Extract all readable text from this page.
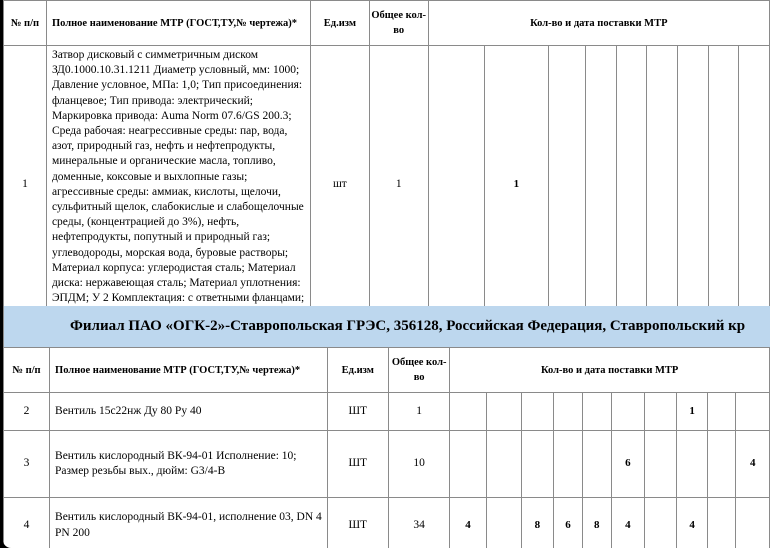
№ п/п	Полное наименование МТР (ГОСТ,ТУ,№ чертежа)*	Ед.изм	Общее кол-во	Кол-во и дата поставки МТР								
1	Затвор дисковый с симметричным диском ЗД0.1000.10.31.1211 Диаметр условный, мм: 1000; Давление условное, МПа: 1,0; Тип присоединения: фланцевое; Тип привода: электрический; Маркировка привода: Auma Norm 07.6/GS 200.3; Среда рабочая: неагрессивные среды: пар, вода, азот, природный газ, нефть и нефтепродукты, минеральные и органические масла, топливо, доменные, коксовые и выхлопные газы; агрессивные среды: аммиак, кислоты, щелочи, сульфитный щелок, слабокислые и слабощелочные среды, (концентрацией до 3%), нефть, нефтепродукты, попутный и природный газ; углеводороды, морская вода, буровые растворы; Материал корпуса: углеродистая сталь; Материал диска: нержавеющая сталь; Материал уплотнения: ЭПДМ; У 2 Комплектация: с ответными фланцами;	шт	1		1							
Филиал ПАО «ОГК-2»-Ставропольская ГРЭС, 356128, Российская Федерация, Ставропольский кр
№ п/п	Полное наименование МТР (ГОСТ,ТУ,№ чертежа)*	Ед.изм	Общее кол-во	Кол-во и дата поставки МТР									
2	Вентиль 15с22нж Ду 80 Ру 40	ШТ	1								1		
3	Вентиль кислородный ВК-94-01 Исполнение: 10; Размер резьбы вых., дюйм: G3/4-В	ШТ	10						6				4
4	Вентиль кислородный ВК-94-01, исполнение 03, DN 4 PN 200	ШТ	34	4		8	6	8	4		4		
